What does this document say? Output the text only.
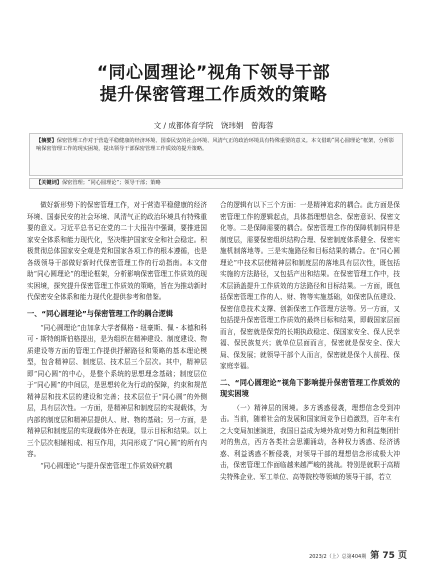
“同心圆理论”视角下领导干部
提升保密管理工作质效的策略
文 / 成都体育学院　饶玮娟　曾海蓉
【摘要】保密管理工作对于营造平稳健康的经济环境、国泰民安的社会环境、风清气正的政治环境具有特殊重要的意义。本文借助“同心圆理论”框架，分析影响保密管理工作的现实困境，提出领导干部保密管理工作质效的提升策略。
【关键词】保密管理；“同心圆理论”；领导干部；策略

做好新形势下的保密管理工作，对于营造平稳健康的经济环境、国泰民安的社会环境、风清气正的政治环境具有特殊重要的意义。习近平总书记在党的二十大报告中强调，要推进国家安全体系和能力现代化，坚决维护国家安全和社会稳定。积极贯彻总体国家安全观是党和国家各项工作的根本遵循，也是各级领导干部做好新时代保密管理工作的行动指南。本文借助“同心圆理论”的理论框架，分析影响保密管理工作质效的现实困境，探究提升保密管理工作质效的策略，旨在为推动新时代保密安全体系和能力现代化提供参考和借鉴。

一、“同心圆理论”与保密管理工作的耦合逻辑

“同心圆理论”由加拿大学者佩格・纽豪斯、佩・本德和科可・斯特朗斯伯格提出，是为组织在精神建设、制度建设、物质建设等方面的管理工作提供抒解路径和策略的基本理论模型，包含精神层、制度层、技术层三个层次。其中，精神层即“同心圆”的中心，是整个系统的思想理念基础；制度层位于“同心圆”的中间层，是思想转化为行动的保障，约束和规范精神层和技术层的建设和完善；技术层位于“同心圆”的外侧层，具有层次性。一方面，是精神层和制度层的实现载体，为内部的制度层和精神层提供人、财、物的基础；另一方面，是精神层和制度层的实现载体外在表现，显示目标和结果。以上三个层次相辅相成、相互作用，共同形成了“同心圆”的所有内容。

“同心圆理论”与提升保密管理工作质效研究耦

合的逻辑有以下三个方面：一是精神追求的耦合。此方面是保密管理工作的逻辑起点，具体指理想信念、保密意识、保密文化等。二是保障需要的耦合。保密管理工作的保障机制同样是制度层，需要保密组织结构合理、保密制度体系健全、保密实施机制落地等。三是实施路径和目标结果的耦合。在“同心圆理论”中技术层使精神层和制度层的落地具有层次性，既包括实施的方法路径，又包括产出和结果。在保密管理工作中，技术层涵盖提升工作质效的方法路径和目标结果。一方面，既包括保密管理工作的人、财、物等实施基础，如保密队伍建设、保密信息技术支撑、创新保密工作管理方法等。另一方面，又包括提升保密管理工作质效的最终目标和结果，即载国家层面而言，保密就是保党的长期执政稳定、保国家安全、保人民幸福、保民族复兴；就单位层面而言，保密就是保安全、保大局、保发展；就领导干部个人而言，保密就是保个人前程、保家庭幸福。

二、“同心圆理论”视角下影响提升保密管理工作质效的现实困境

（一）精神层的困境。多方诱惑侵袭，理想信念受到冲击。当前，随着社会的发展和国家间竞争日趋激烈，百年未有之大变局加速演进，我国日益成为境外敌对势力和利益集团针对的焦点，西方各类社会思潮涌动，各种权力诱惑、经济诱惑、利益诱惑不断侵袭，对领导干部的理想信念形成极大冲击，保密管理工作面临越来越严峻的挑战。特别是就职于高精尖特殊企业、军工单位、高等院校等领域的领导干部，若立

2023/2（上）总第404期 第 75 页
